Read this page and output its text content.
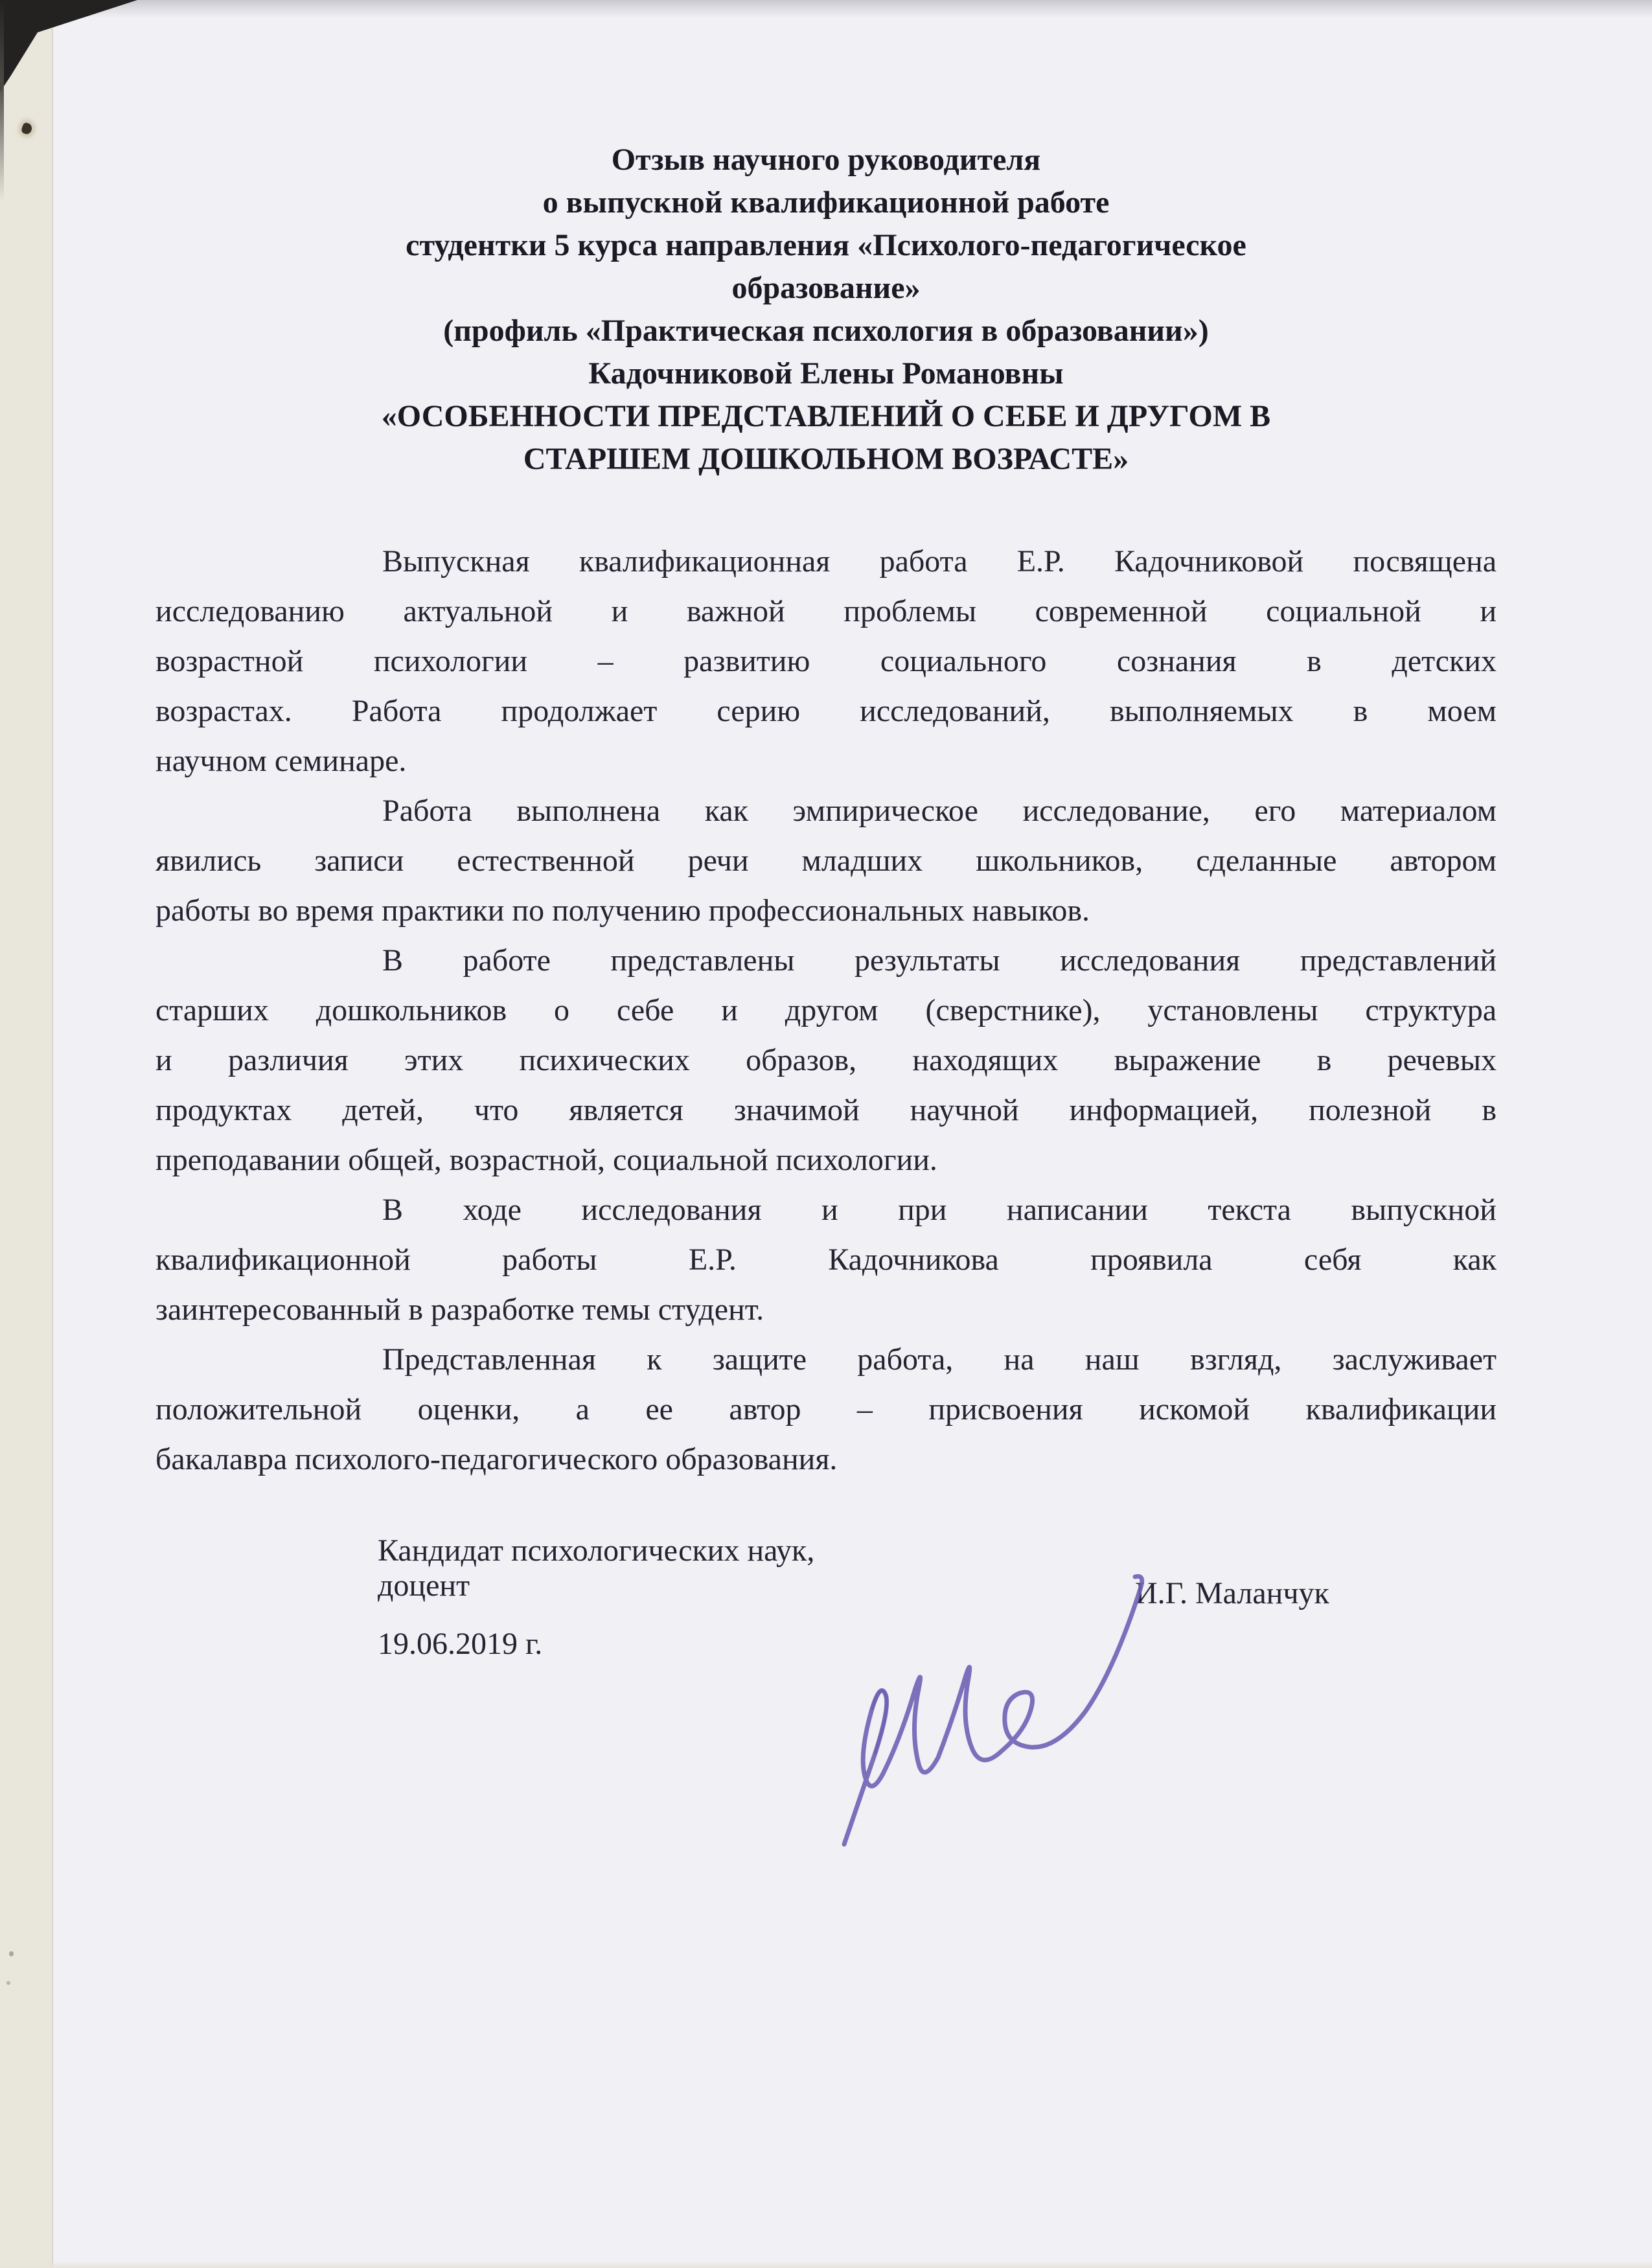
Отзыв научного руководителя
о выпускной квалификационной работе
студентки 5 курса направления «Психолого-педагогическое
образование»
(профиль «Практическая психология в образовании»)
Кадочниковой Елены Романовны
«ОСОБЕННОСТИ ПРЕДСТАВЛЕНИЙ О СЕБЕ И ДРУГОМ В
СТАРШЕМ ДОШКОЛЬНОМ ВОЗРАСТЕ»
Выпускная квалификационная работа Е.Р. Кадочниковой посвящена
исследованию актуальной и важной проблемы современной социальной и
возрастной психологии – развитию социального сознания в детских
возрастах. Работа продолжает серию исследований, выполняемых в моем
научном семинаре.
Работа выполнена как эмпирическое исследование, его материалом
явились записи естественной речи младших школьников, сделанные автором
работы во время практики по получению профессиональных навыков.
В работе представлены результаты исследования представлений
старших дошкольников о себе и другом (сверстнике), установлены структура
и различия этих психических образов, находящих выражение в речевых
продуктах детей, что является значимой научной информацией, полезной в
преподавании общей, возрастной, социальной психологии.
В ходе исследования и при написании текста выпускной
квалификационной работы Е.Р. Кадочникова проявила себя как
заинтересованный в разработке темы студент.
Представленная к защите работа, на наш взгляд, заслуживает
положительной оценки, а ее автор – присвоения искомой квалификации
бакалавра психолого-педагогического образования.
Кандидат психологических наук,
доцент	И.Г. Маланчук
19.06.2019 г.
